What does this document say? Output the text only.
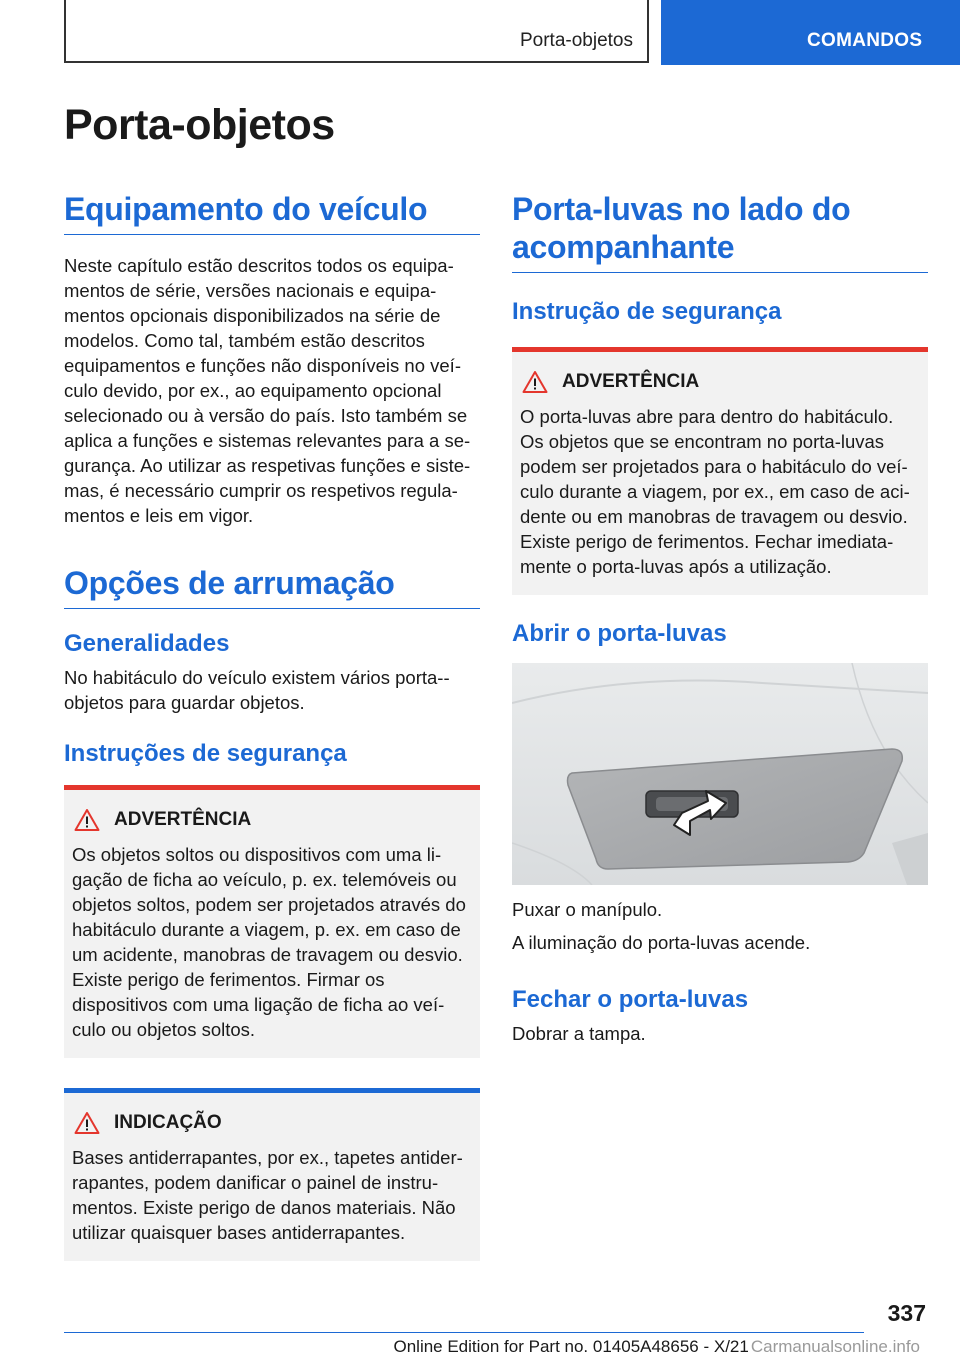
Porta-objetos	COMANDOS
Porta-objetos
Equipamento do veículo

Neste capítulo estão descritos todos os equipa-mentos de série, versões nacionais e equipa-mentos opcionais disponibilizados na série de modelos. Como tal, também estão descritos equipamentos e funções não disponíveis no veí-culo devido, por ex., ao equipamento opcional selecionado ou à versão do país. Isto também se aplica a funções e sistemas relevantes para a se-gurança. Ao utilizar as respetivas funções e siste-mas, é necessário cumprir os respetivos regula-mentos e leis em vigor.

Opções de arrumação
Generalidades

No habitáculo do veículo existem vários porta--objetos para guardar objetos.

Instruções de segurança
ADVERTÊNCIA

Os objetos soltos ou dispositivos com uma li-gação de ficha ao veículo, p. ex. telemóveis ou objetos soltos, podem ser projetados através do habitáculo durante a viagem, p. ex. em caso de um acidente, manobras de travagem ou desvio. Existe perigo de ferimentos. Firmar os dispositivos com uma ligação de ficha ao veí-culo ou objetos soltos.

INDICAÇÃO

Bases antiderrapantes, por ex., tapetes antider-rapantes, podem danificar o painel de instru-mentos. Existe perigo de danos materiais. Não utilizar quaisquer bases antiderrapantes.

Porta-luvas no lado do acompanhante
Instrução de segurança
ADVERTÊNCIA

O porta-luvas abre para dentro do habitáculo. Os objetos que se encontram no porta-luvas podem ser projetados para o habitáculo do veí-culo durante a viagem, por ex., em caso de aci-dente ou em manobras de travagem ou desvio. Existe perigo de ferimentos. Fechar imediata-mente o porta-luvas após a utilização.

Abrir o porta-luvas

Puxar o manípulo.

A iluminação do porta-luvas acende.

Fechar o porta-luvas

Dobrar a tampa.

337
Online Edition for Part no. 01405A48656 - X/21 Carmanualsonline.info
